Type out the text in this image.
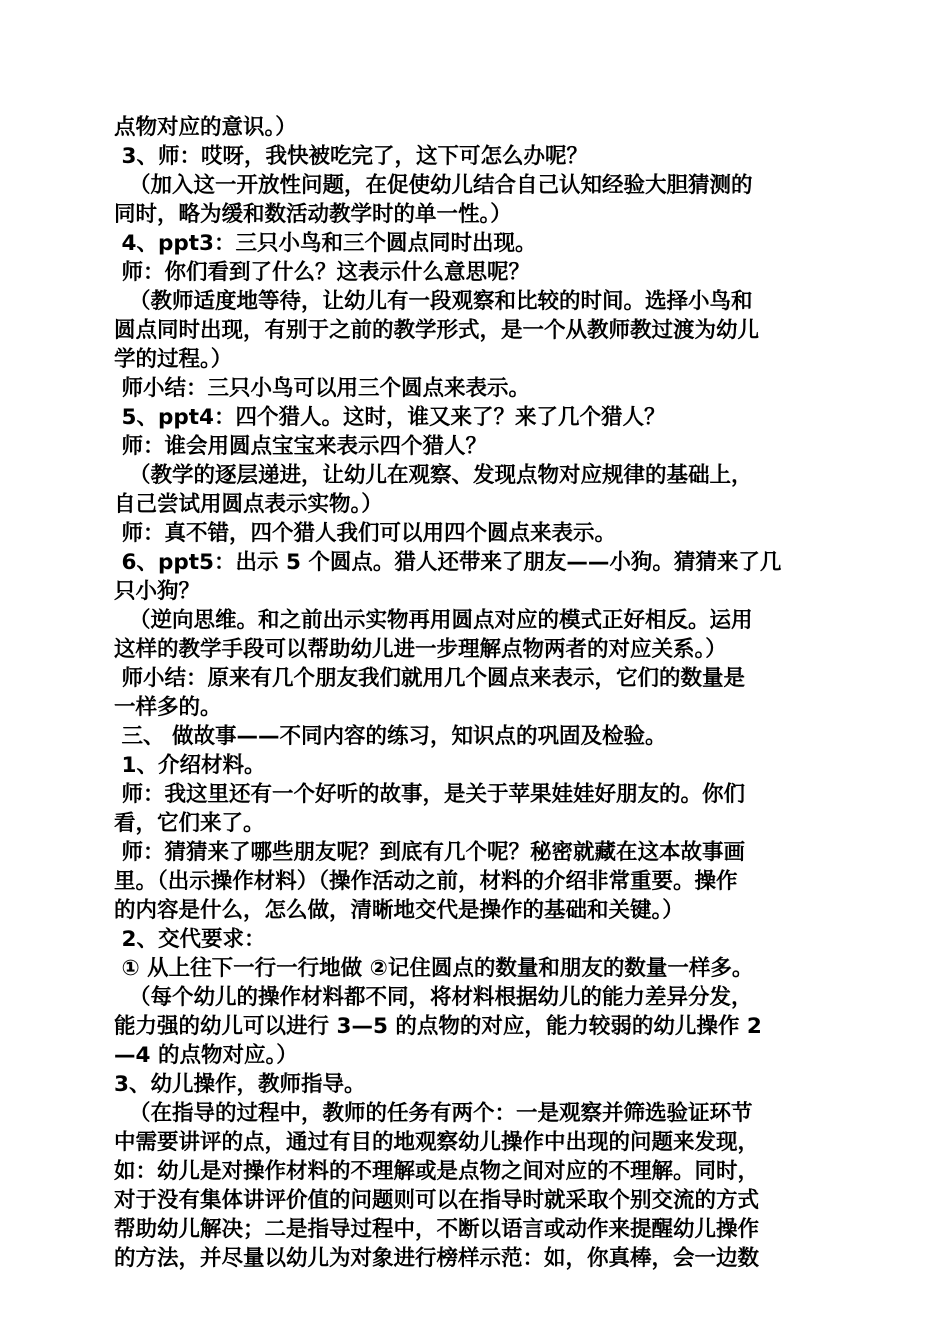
点物对应的意识。）
3、师：哎呀，我快被吃完了，这下可怎么办呢？
（加入这一开放性问题，在促使幼儿结合自己认知经验大胆猜测的
同时，略为缓和数活动教学时的单一性。）
4、ppt3：三只小鸟和三个圆点同时出现。
师：你们看到了什么？这表示什么意思呢？
（教师适度地等待，让幼儿有一段观察和比较的时间。选择小鸟和
圆点同时出现，有别于之前的教学形式，是一个从教师教过渡为幼儿
学的过程。）
师小结：三只小鸟可以用三个圆点来表示。
5、ppt4：四个猎人。这时，谁又来了？来了几个猎人？
师：谁会用圆点宝宝来表示四个猎人？
（教学的逐层递进，让幼儿在观察、发现点物对应规律的基础上，
自己尝试用圆点表示实物。）
师：真不错，四个猎人我们可以用四个圆点来表示。
6、ppt5：出示 5 个圆点。猎人还带来了朋友——小狗。猜猜来了几
只小狗？
（逆向思维。和之前出示实物再用圆点对应的模式正好相反。运用
这样的教学手段可以帮助幼儿进一步理解点物两者的对应关系。）
师小结：原来有几个朋友我们就用几个圆点来表示，它们的数量是
一样多的。
三、 做故事——不同内容的练习，知识点的巩固及检验。
1、介绍材料。
师：我这里还有一个好听的故事，是关于苹果娃娃好朋友的。你们
看，它们来了。
师：猜猜来了哪些朋友呢？到底有几个呢？秘密就藏在这本故事画
里。（出示操作材料）（操作活动之前，材料的介绍非常重要。操作
的内容是什么，怎么做，清晰地交代是操作的基础和关键。）
2、交代要求：
① 从上往下一行一行地做 ②记住圆点的数量和朋友的数量一样多。
（每个幼儿的操作材料都不同，将材料根据幼儿的能力差异分发，
能力强的幼儿可以进行 3—5 的点物的对应，能力较弱的幼儿操作 2
—4 的点物对应。）
3、幼儿操作，教师指导。
（在指导的过程中，教师的任务有两个：一是观察并筛选验证环节
中需要讲评的点，通过有目的地观察幼儿操作中出现的问题来发现，
如：幼儿是对操作材料的不理解或是点物之间对应的不理解。同时，
对于没有集体讲评价值的问题则可以在指导时就采取个别交流的方式
帮助幼儿解决；二是指导过程中，不断以语言或动作来提醒幼儿操作
的方法，并尽量以幼儿为对象进行榜样示范：如，你真棒，会一边数
